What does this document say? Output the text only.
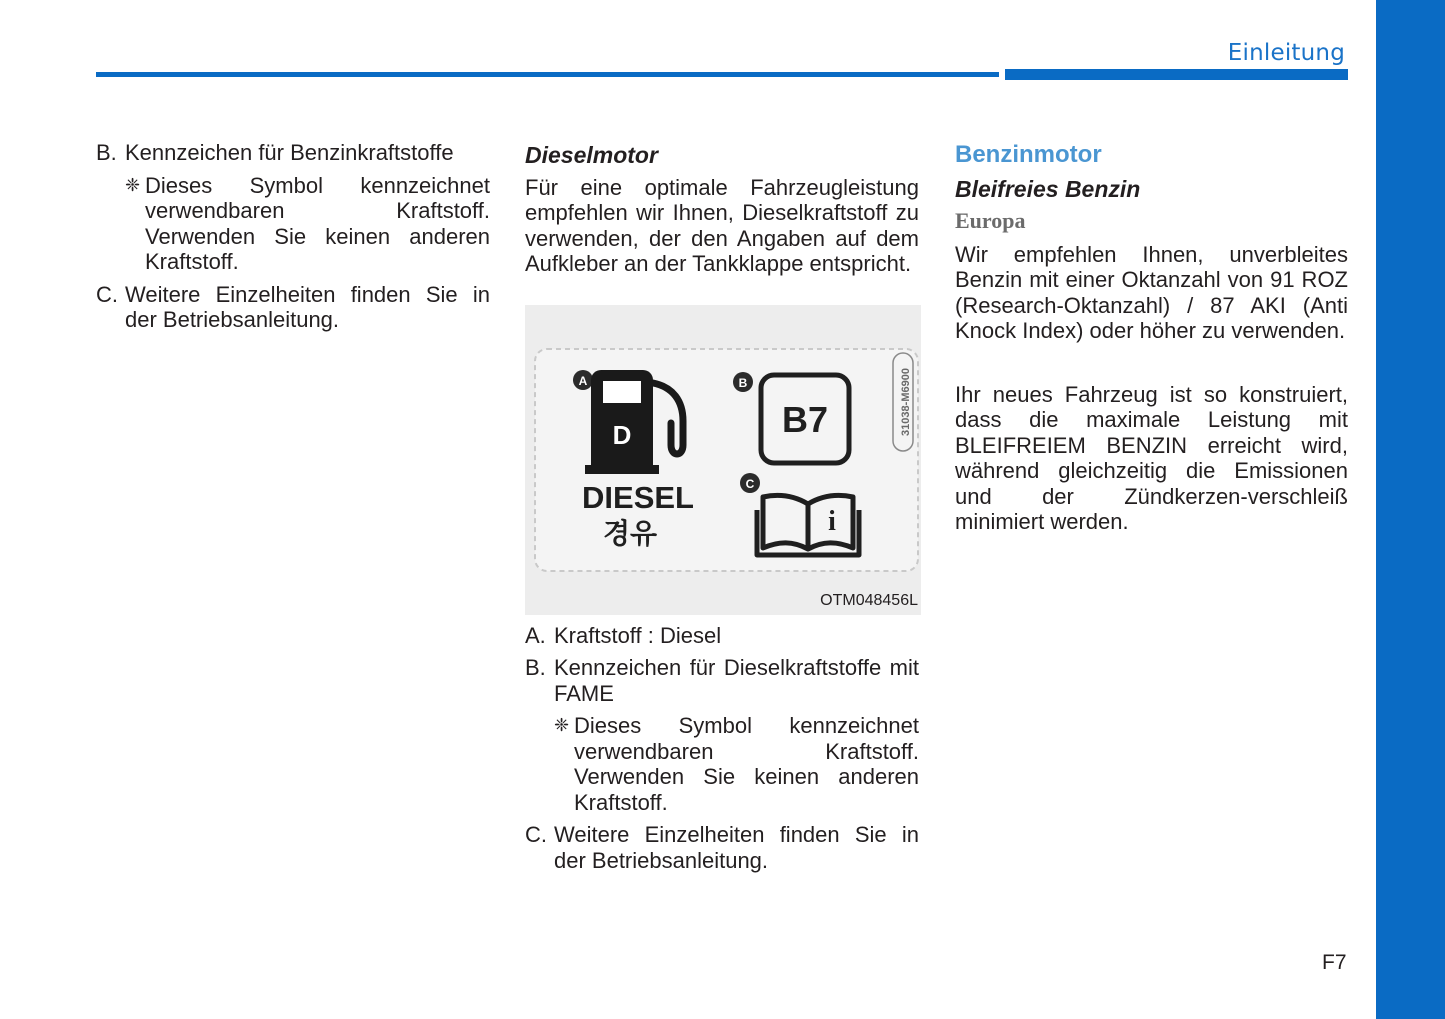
Einleitung
B. Kennzeichen für Benzinkraftstoffe
❈ Dieses Symbol kennzeichnet verwendbaren Kraftstoff. Verwenden Sie keinen anderen Kraftstoff.
C. Weitere Einzelheiten finden Sie in der Betriebsanleitung.
Dieselmotor

Für eine optimale Fahrzeugleistung empfehlen wir Ihnen, Dieselkraftstoff zu verwenden, der den Angaben auf dem Aufkleber an der Tankklappe entspricht.

A
D
DIESEL
경유
B
B7
C
i
31038-M6900
OTM048456L
A. Kraftstoff : Diesel
B. Kennzeichen für Dieselkraftstoffe mit FAME
❈ Dieses Symbol kennzeichnet verwendbaren Kraftstoff. Verwenden Sie keinen anderen Kraftstoff.
C. Weitere Einzelheiten finden Sie in der Betriebsanleitung.
Benzinmotor
Bleifreies Benzin
Europa

Wir empfehlen Ihnen, unverbleites Benzin mit einer Oktanzahl von 91 ROZ (Research-Oktanzahl) / 87 AKI (Anti Knock Index) oder höher zu verwenden.

Ihr neues Fahrzeug ist so konstruiert, dass die maximale Leistung mit BLEIFREIEM BENZIN erreicht wird, während gleichzeitig die Emissionen und der Zündkerzen-verschleiß minimiert werden.

F7
